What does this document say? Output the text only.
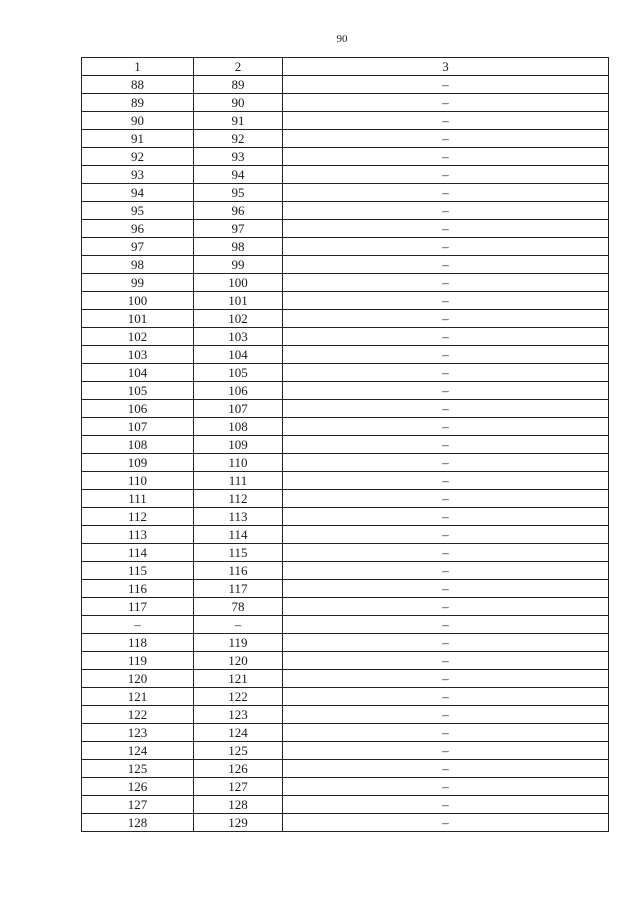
90
1	2	3
88	89	–
89	90	–
90	91	–
91	92	–
92	93	–
93	94	–
94	95	–
95	96	–
96	97	–
97	98	–
98	99	–
99	100	–
100	101	–
101	102	–
102	103	–
103	104	–
104	105	–
105	106	–
106	107	–
107	108	–
108	109	–
109	110	–
110	111	–
111	112	–
112	113	–
113	114	–
114	115	–
115	116	–
116	117	–
117	78	–
–	–	–
118	119	–
119	120	–
120	121	–
121	122	–
122	123	–
123	124	–
124	125	–
125	126	–
126	127	–
127	128	–
128	129	–
